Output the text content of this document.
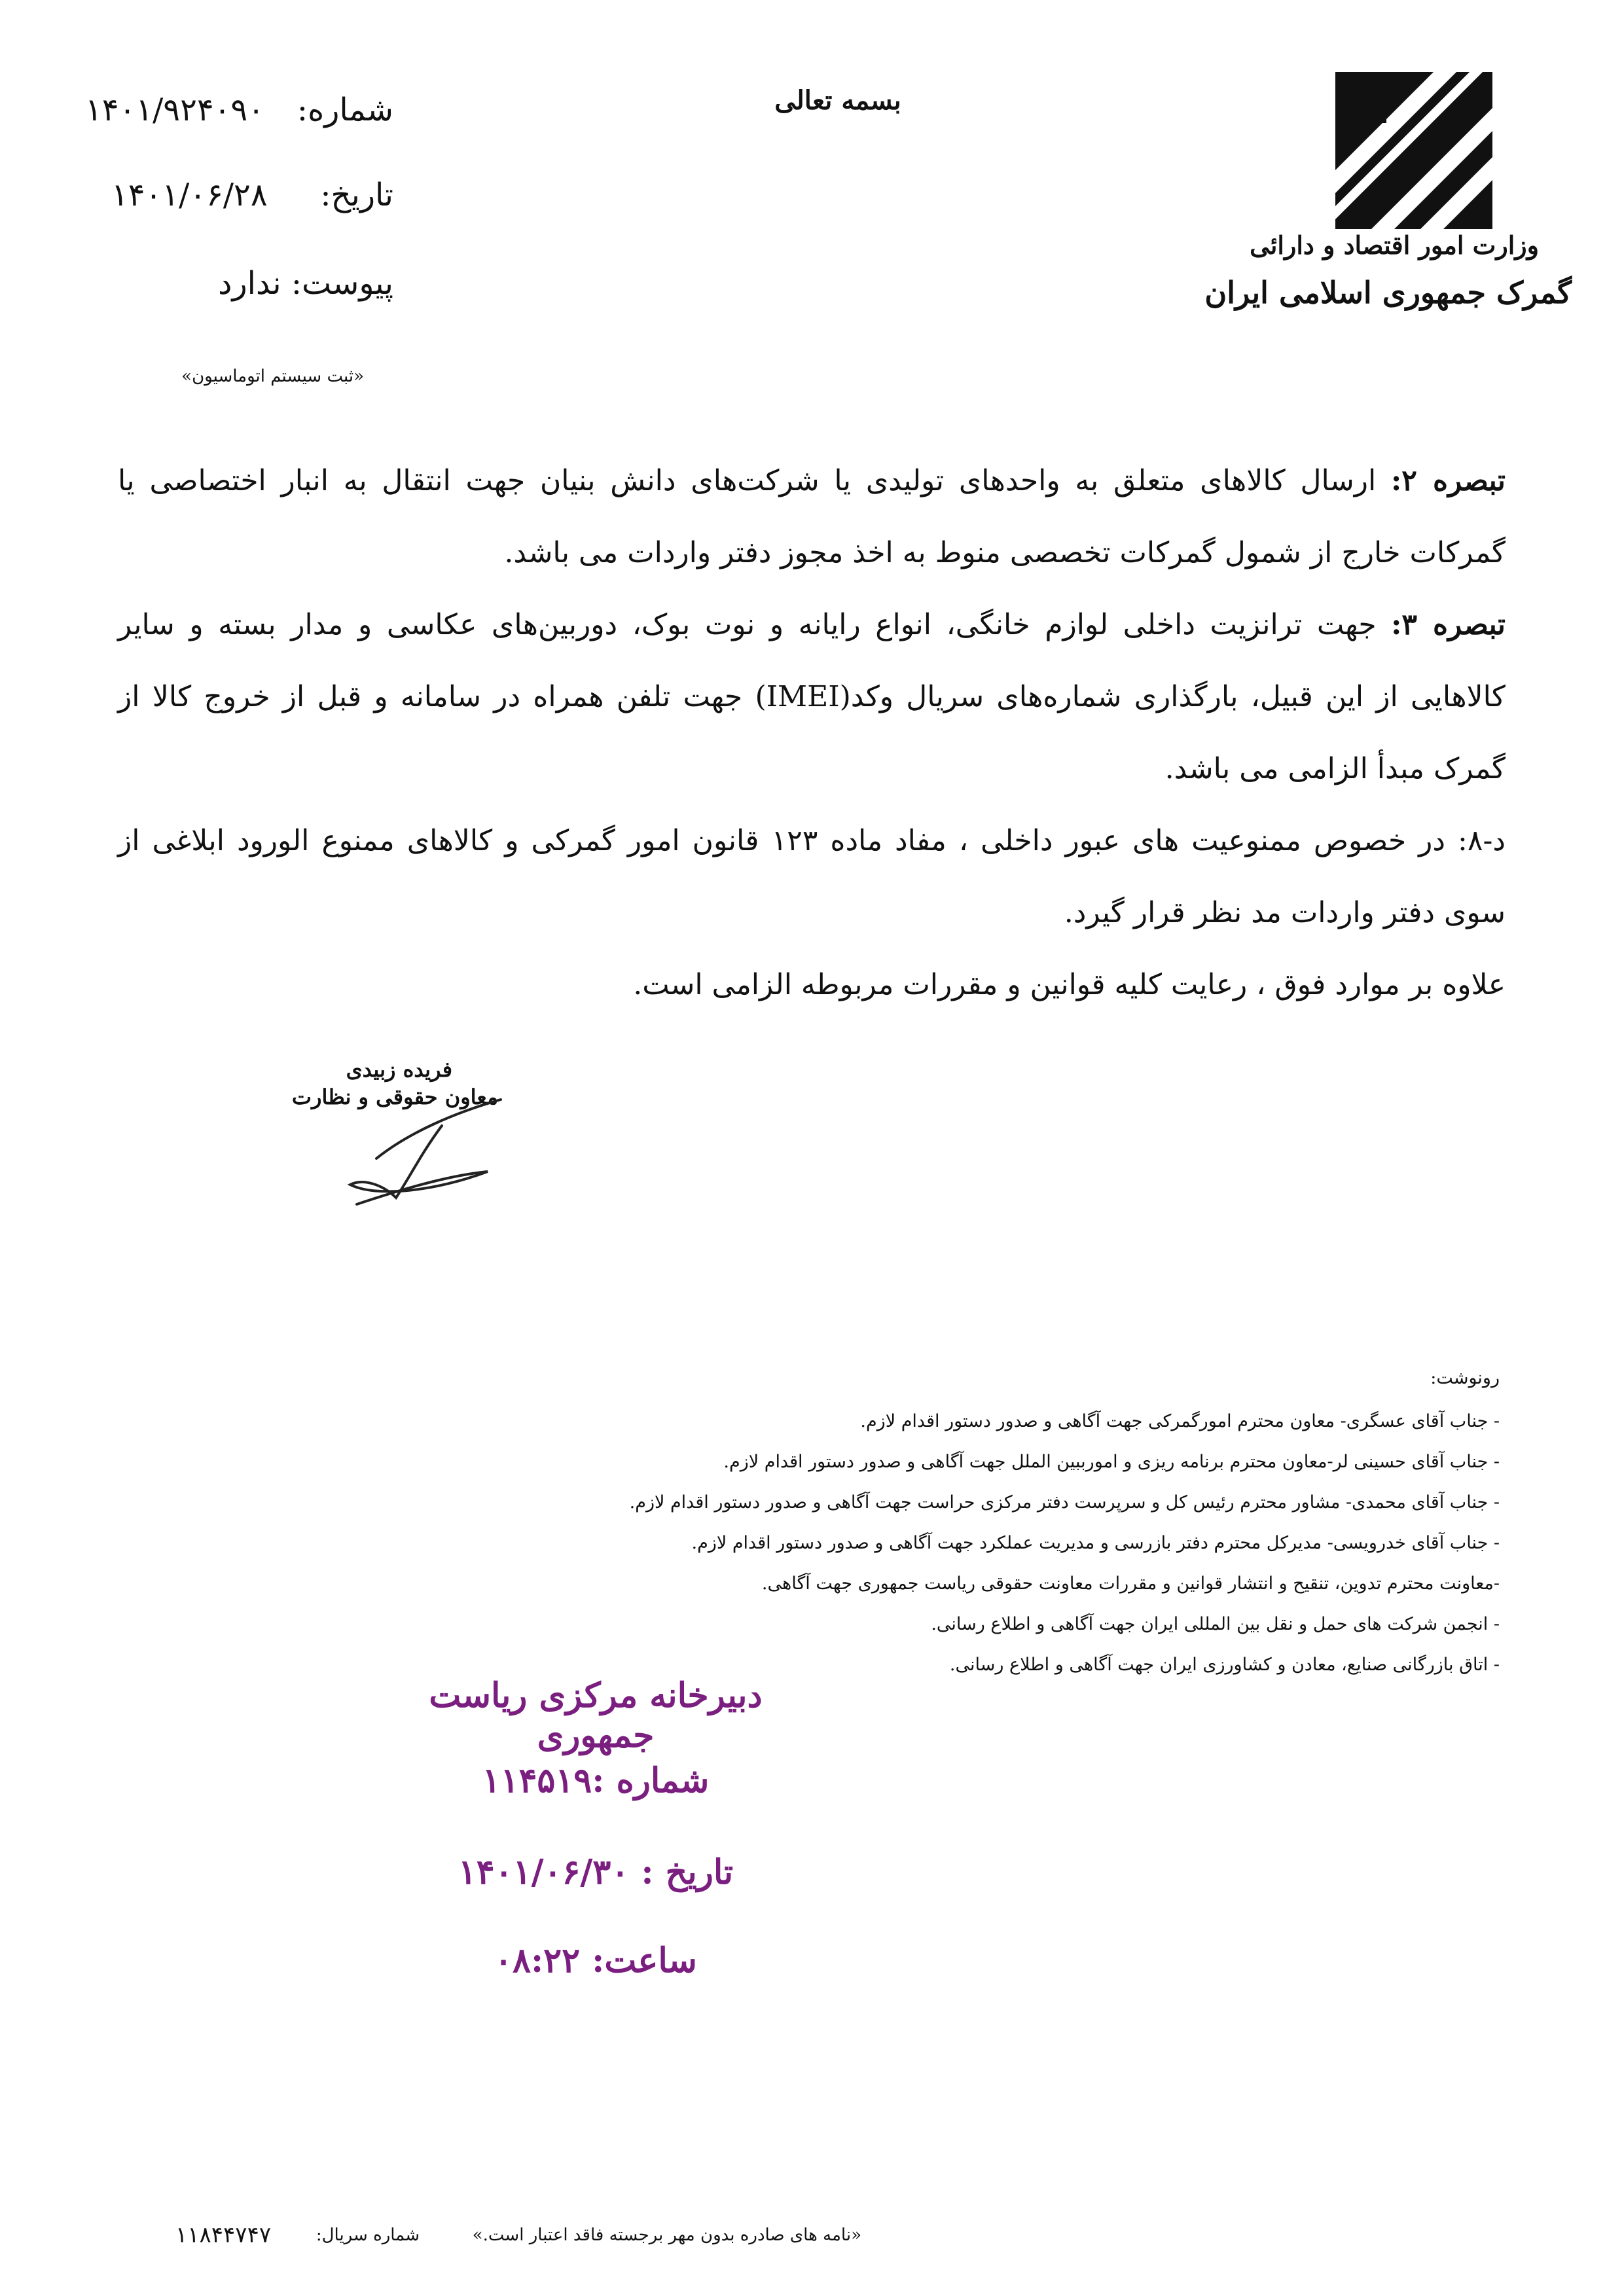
وزارت امور اقتصاد و دارائی
گمرک جمهوری اسلامی ایران
بسمه تعالی
شماره:
۱۴۰۱/۹۲۴۰۹۰
تاریخ:
۱۴۰۱/۰۶/۲۸
پیوست: ندارد
«ثبت سیستم اتوماسیون»

تبصره ۲: ارسال کالاهای متعلق به واحدهای تولیدی یا شرکت‌های دانش بنیان جهت انتقال به انبار اختصاصی یا گمرکات خارج از شمول گمرکات تخصصی منوط به اخذ مجوز دفتر واردات می باشد.

تبصره ۳: جهت ترانزیت داخلی لوازم خانگی، انواع رایانه و نوت بوک، دوربین‌های عکاسی و مدار بسته و سایر کالاهایی از این قبیل، بارگذاری شماره‌های سریال وکد(IMEI) جهت تلفن همراه در سامانه و قبل از خروج کالا از گمرک مبدأ الزامی می باشد.

د-۸: در خصوص ممنوعیت های عبور داخلی ، مفاد ماده ۱۲۳ قانون امور گمرکی و کالاهای ممنوع الورود ابلاغی از سوی دفتر واردات مد نظر قرار گیرد.

علاوه بر موارد فوق ، رعایت کلیه قوانین و مقررات مربوطه الزامی است.

فریده زبیدی
معاون حقوقی و نظارت
رونوشت:
- جناب آقای عسگری- معاون محترم امورگمرکی جهت آگاهی و صدور دستور اقدام لازم.
- جناب آقای حسینی لر-معاون محترم برنامه ریزی و امورببین الملل جهت آگاهی و صدور دستور اقدام لازم.
- جناب آقای محمدی- مشاور محترم رئیس کل و سرپرست دفتر مرکزی حراست جهت آگاهی و صدور دستور اقدام لازم.
- جناب آقای خدرویسی- مدیرکل محترم دفتر بازرسی و مدیریت عملکرد جهت آگاهی و صدور دستور اقدام لازم.
-معاونت محترم تدوین، تنقیح و انتشار قوانین و مقررات معاونت حقوقی ریاست جمهوری جهت آگاهی.
- انجمن شرکت های حمل و نقل بین المللی ایران جهت آگاهی و اطلاع رسانی.
- اتاق بازرگانی صنایع، معادن و کشاورزی ایران جهت آگاهی و اطلاع رسانی.
دبیرخانه مرکزی ریاست جمهوری
شماره :۱۱۴۵۱۹
تاریخ : ۱۴۰۱/۰۶/۳۰
ساعت: ۰۸:۲۲
«نامه های صادره بدون مهر برجسته فاقد اعتبار است.»
شماره سریال:
۱۱۸۴۴۷۴۷
